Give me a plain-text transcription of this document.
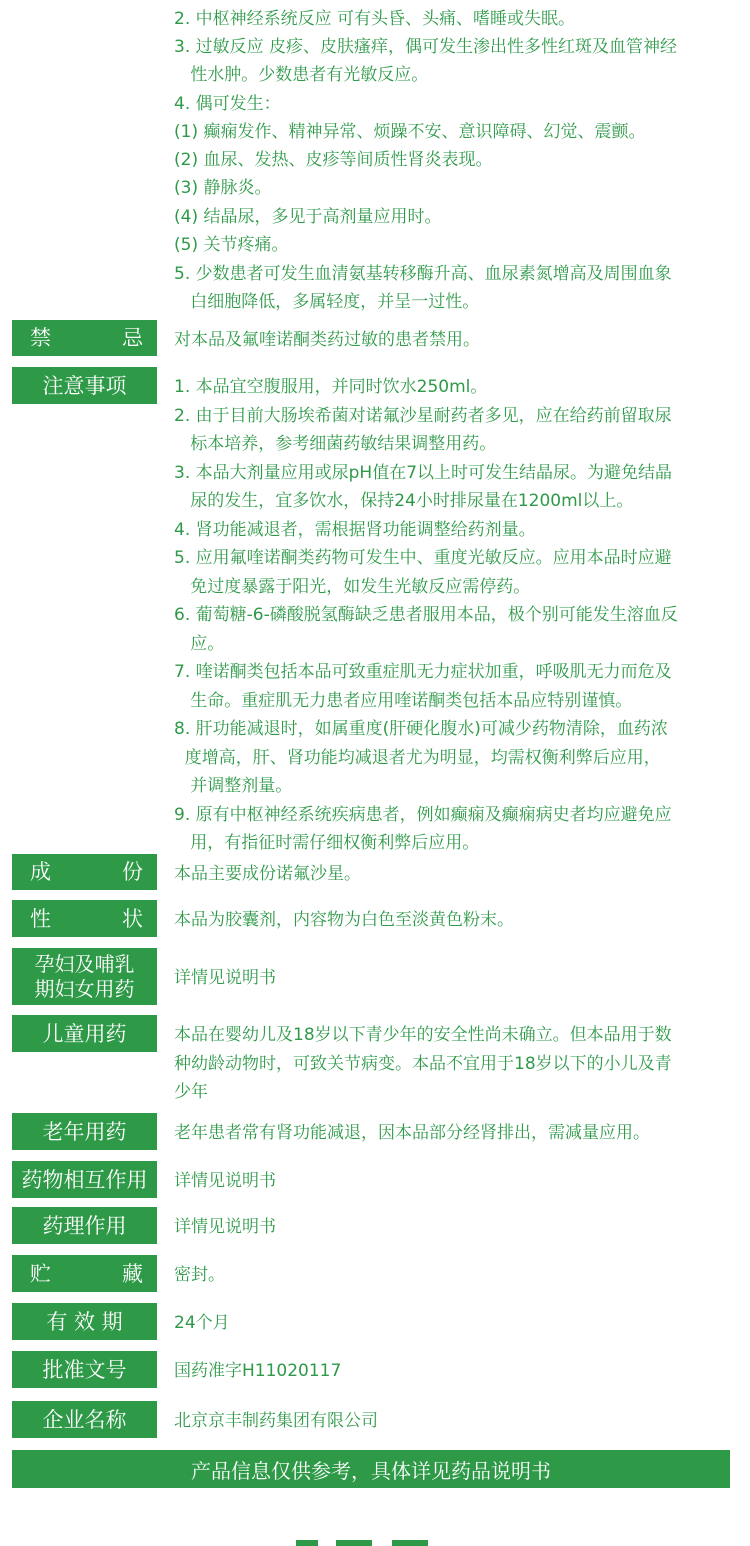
2. 中枢神经系统反应 可有头昏、头痛、嗜睡或失眠。
3. 过敏反应 皮疹、皮肤瘙痒，偶可发生渗出性多性红斑及血管神经
性水肿。少数患者有光敏反应。
4. 偶可发生：
(1) 癫痫发作、精神异常、烦躁不安、意识障碍、幻觉、震颤。
(2) 血尿、发热、皮疹等间质性肾炎表现。
(3) 静脉炎。
(4) 结晶尿，多见于高剂量应用时。
(5) 关节疼痛。
5. 少数患者可发生血清氨基转移酶升高、血尿素氮增高及周围血象
白细胞降低，多属轻度，并呈一过性。
禁	忌 对本品及氟喹诺酮类药过敏的患者禁用。
注意事项	1. 本品宜空腹服用，并同时饮水250ml。
2. 由于目前大肠埃希菌对诺氟沙星耐药者多见，应在给药前留取尿
标本培养，参考细菌药敏结果调整用药。
3. 本品大剂量应用或尿pH值在7以上时可发生结晶尿。为避免结晶
尿的发生，宜多饮水，保持24小时排尿量在1200ml以上。
4. 肾功能减退者，需根据肾功能调整给药剂量。
5. 应用氟喹诺酮类药物可发生中、重度光敏反应。应用本品时应避
免过度暴露于阳光，如发生光敏反应需停药。
6. 葡萄糖-6-磷酸脱氢酶缺乏患者服用本品，极个别可能发生溶血反
应。
7. 喹诺酮类包括本品可致重症肌无力症状加重，呼吸肌无力而危及
生命。重症肌无力患者应用喹诺酮类包括本品应特别谨慎。
8. 肝功能减退时，如属重度(肝硬化腹水)可减少药物清除，血药浓
度增高，肝、肾功能均减退者尤为明显，均需权衡利弊后应用，
并调整剂量。
9. 原有中枢神经系统疾病患者，例如癫痫及癫痫病史者均应避免应
用，有指征时需仔细权衡利弊后应用。
成	份 本品主要成份诺氟沙星。
性	状 本品为胶囊剂，内容物为白色至淡黄色粉末。
孕妇及哺乳
期妇女用药	详情见说明书
儿童用药	本品在婴幼儿及18岁以下青少年的安全性尚未确立。但本品用于数
种幼龄动物时，可致关节病变。本品不宜用于18岁以下的小儿及青
少年
老年用药	老年患者常有肾功能减退，因本品部分经肾排出，需减量应用。
药物相互作用	详情见说明书
药理作用	详情见说明书
贮	藏 密封。
有 效 期	24个月
批准文号	国药准字H11020117
企业名称	北京京丰制药集团有限公司
产品信息仅供参考，具体详见药品说明书
